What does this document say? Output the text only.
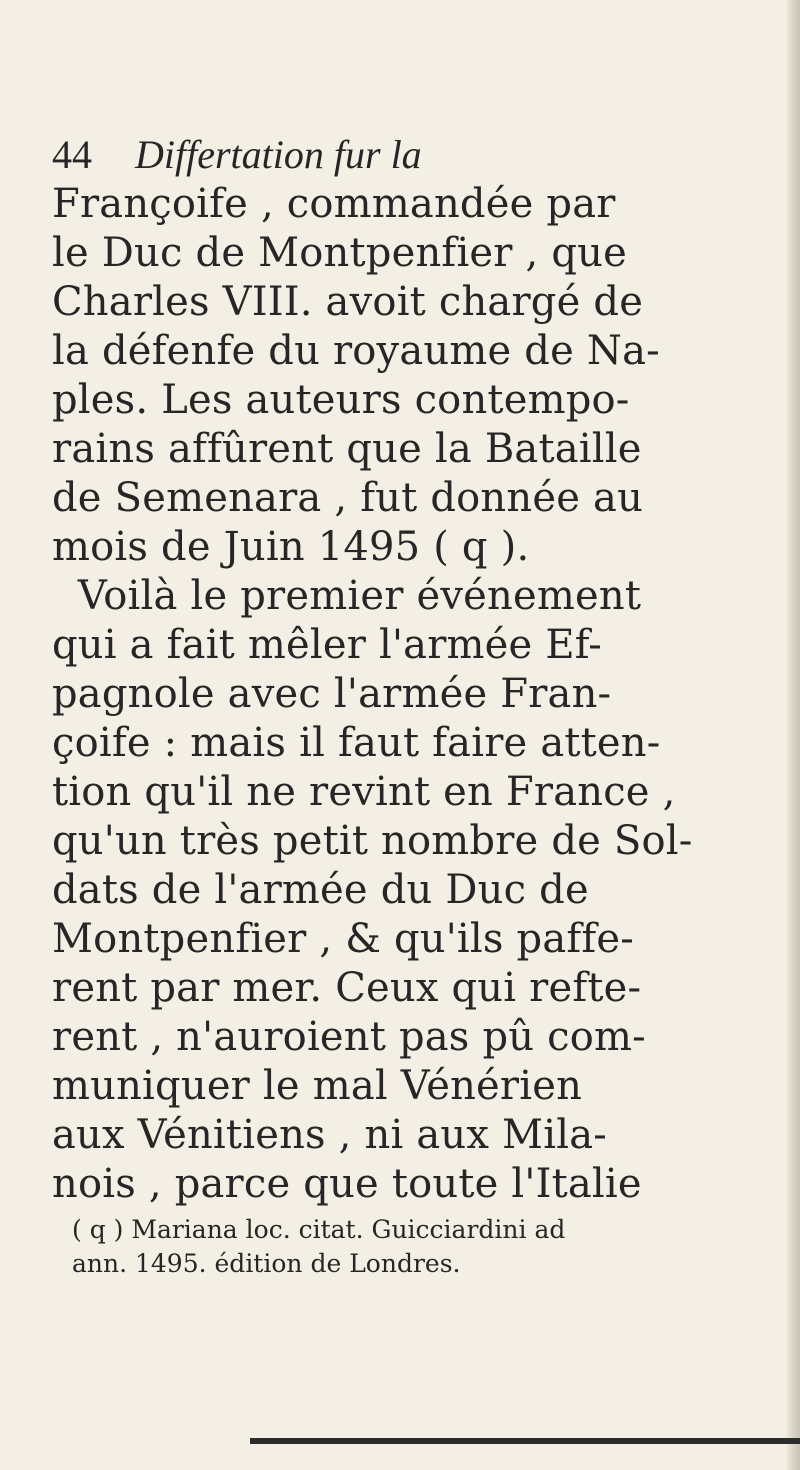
44 Differtation fur la
Françoife , commandée par
le Duc de Montpenfier , que
Charles VIII. avoit chargé de
la défenfe du royaume de Na-
ples. Les auteurs contempo-
rains affûrent que la Bataille
de Semenara , fut donnée au
mois de Juin 1495 ( q ).
Voilà le premier événement
qui a fait mêler l'armée Ef-
pagnole avec l'armée Fran-
çoife : mais il faut faire atten-
tion qu'il ne revint en France ,
qu'un très petit nombre de Sol-
dats de l'armée du Duc de
Montpenfier , & qu'ils paffe-
rent par mer. Ceux qui refte-
rent , n'auroient pas pû com-
muniquer le mal Vénérien
aux Vénitiens , ni aux Mila-
nois , parce que toute l'Italie
( q ) Mariana loc. citat. Guicciardini ad
ann. 1495. édition de Londres.
